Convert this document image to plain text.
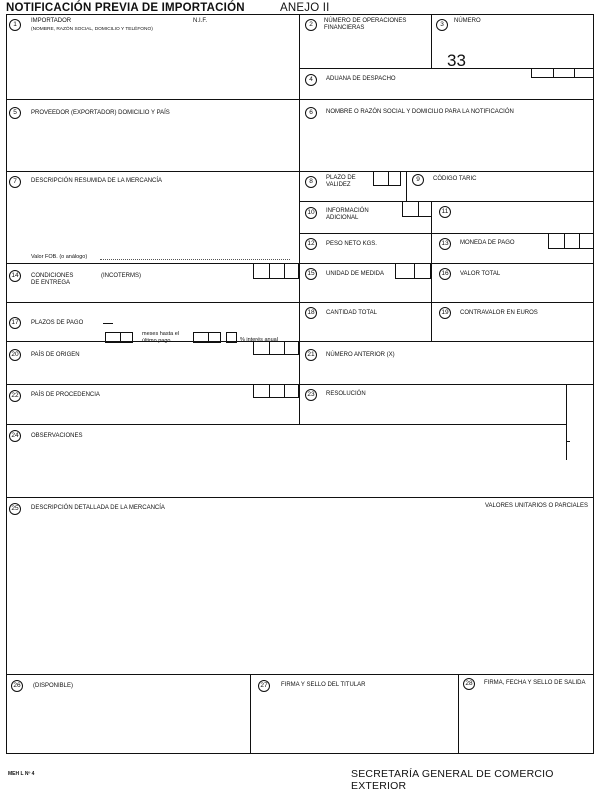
NOTIFICACIÓN PREVIA DE IMPORTACIÓN	ANEJO II
1	IMPORTADOR
(NOMBRE, RAZÓN SOCIAL, DOMICILIO Y TELÉFONO)
N.I.F.	2	NÚMERO DE OPERACIONES FINANCIERAS	3	NÚMERO
33
4	ADUANA DE DESPACHO
5	PROVEEDOR (EXPORTADOR) DOMICILIO Y PAÍS	6	NOMBRE O RAZÓN SOCIAL Y DOMICILIO PARA LA NOTIFICACIÓN
7	DESCRIPCIÓN RESUMIDA DE LA MERCANCÍA
Valor FOB. (o análogo)
8	PLAZO DE VALIDEZ
9	CÓDIGO TARIC
10	INFORMACIÓN ADICIONAL
11
12	PESO NETO KGS.	13	MONEDA DE PAGO
14	CONDICIONES DE ENTREGA
(INCOTERMS)	15	UNIDAD DE MEDIDA	16	VALOR TOTAL
17	PLAZOS DE PAGO
meses hasta el último pago	% interés anual
18	CANTIDAD TOTAL	19	CONTRAVALOR EN EUROS
20	PAÍS DE ORIGEN	21	NÚMERO ANTERIOR (X)
22	PAÍS DE PROCEDENCIA	23	RESOLUCIÓN
24	OBSERVACIONES
25	DESCRIPCIÓN DETALLADA DE LA MERCANCÍA	VALORES UNITARIOS O PARCIALES
26	(DISPONIBLE)	27	FIRMA Y SELLO DEL TITULAR	28	FIRMA, FECHA Y SELLO DE SALIDA
MEH L Nº 4	SECRETARÍA GENERAL DE COMERCIO EXTERIOR
